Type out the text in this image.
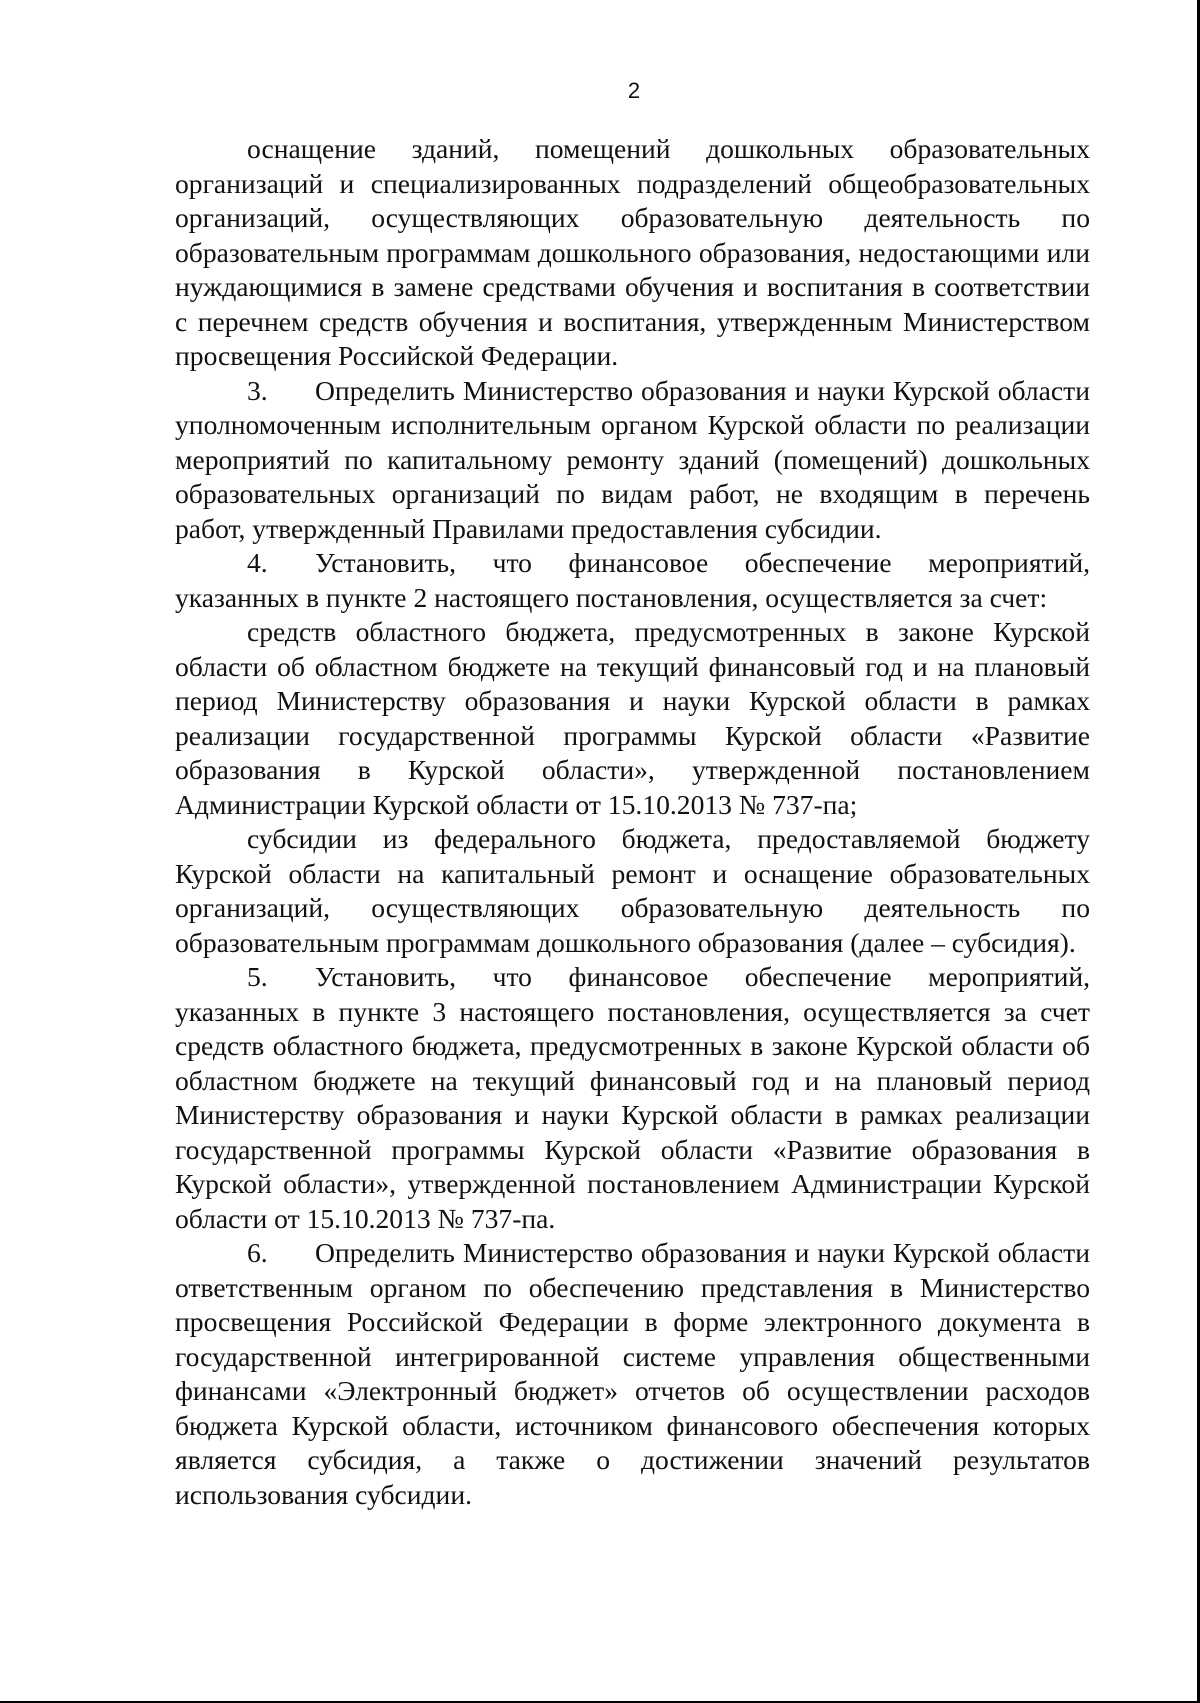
2

оснащение зданий, помещений дошкольных образовательных организаций и специализированных подразделений общеобразовательных организаций, осуществляющих образовательную деятельность по образовательным программам дошкольного образования, недостающими или нуждающимися в замене средствами обучения и воспитания в соответствии с перечнем средств обучения и воспитания, утвержденным Министерством просвещения Российской Федерации.

3. Определить Министерство образования и науки Курской области уполномоченным исполнительным органом Курской области по реализации мероприятий по капитальному ремонту зданий (помещений) дошкольных образовательных организаций по видам работ, не входящим в перечень работ, утвержденный Правилами предоставления субсидии.

4. Установить, что финансовое обеспечение мероприятий, указанных в пункте 2 настоящего постановления, осуществляется за счет:

средств областного бюджета, предусмотренных в законе Курской области об областном бюджете на текущий финансовый год и на плановый период Министерству образования и науки Курской области в рамках реализации государственной программы Курской области «Развитие образования в Курской области», утвержденной постановлением Администрации Курской области от 15.10.2013 № 737-па;

субсидии из федерального бюджета, предоставляемой бюджету Курской области на капитальный ремонт и оснащение образовательных организаций, осуществляющих образовательную деятельность по образовательным программам дошкольного образования (далее – субсидия).

5. Установить, что финансовое обеспечение мероприятий, указанных в пункте 3 настоящего постановления, осуществляется за счет средств областного бюджета, предусмотренных в законе Курской области об областном бюджете на текущий финансовый год и на плановый период Министерству образования и науки Курской области в рамках реализации государственной программы Курской области «Развитие образования в Курской области», утвержденной постановлением Администрации Курской области от 15.10.2013 № 737-па.

6. Определить Министерство образования и науки Курской области ответственным органом по обеспечению представления в Министерство просвещения Российской Федерации в форме электронного документа в государственной интегрированной системе управления общественными финансами «Электронный бюджет» отчетов об осуществлении расходов бюджета Курской области, источником финансового обеспечения которых является субсидия, а также о достижении значений результатов использования субсидии.
